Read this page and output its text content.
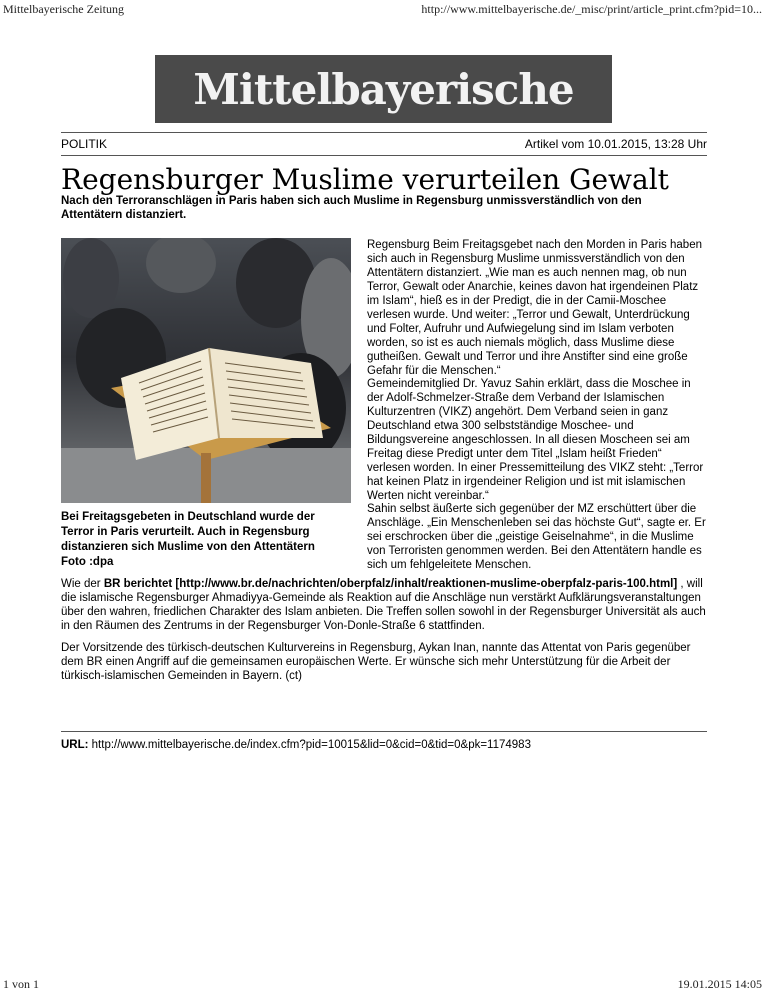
Mittelbayerische Zeitung	http://www.mittelbayerische.de/_misc/print/article_print.cfm?pid=10...
Mittelbayerische
POLITIK	Artikel vom 10.01.2015, 13:28 Uhr
Regensburger Muslime verurteilen Gewalt

Nach den Terroranschlägen in Paris haben sich auch Muslime in Regensburg unmissverständlich von den Attentätern distanziert.

Bei Freitagsgebeten in Deutschland wurde der Terror in Paris verurteilt. Auch in Regensburg distanzieren sich Muslime von den Attentätern Foto :dpa

Regensburg Beim Freitagsgebet nach den Morden in Paris haben sich auch in Regensburg Muslime unmissverständlich von den Attentätern distanziert. „Wie man es auch nennen mag, ob nun Terror, Gewalt oder Anarchie, keines davon hat irgendeinen Platz im Islam“, hieß es in der Predigt, die in der Camii-Moschee verlesen wurde. Und weiter: „Terror und Gewalt, Unterdrückung und Folter, Aufruhr und Aufwiegelung sind im Islam verboten worden, so ist es auch niemals möglich, dass Muslime diese gutheißen. Gewalt und Terror und ihre Anstifter sind eine große Gefahr für die Menschen.“

Gemeindemitglied Dr. Yavuz Sahin erklärt, dass die Moschee in der Adolf-Schmelzer-Straße dem Verband der Islamischen Kulturzentren (VIKZ) angehört. Dem Verband seien in ganz Deutschland etwa 300 selbstständige Moschee- und Bildungsvereine angeschlossen. In all diesen Moscheen sei am Freitag diese Predigt unter dem Titel „Islam heißt Frieden“ verlesen worden. In einer Pressemitteilung des VIKZ steht: „Terror hat keinen Platz in irgendeiner Religion und ist mit islamischen Werten nicht vereinbar.“

Sahin selbst äußerte sich gegenüber der MZ erschüttert über die Anschläge. „Ein Menschenleben sei das höchste Gut“, sagte er. Er sei erschrocken über die „geistige Geiselnahme“, in die Muslime von Terroristen genommen werden. Bei den Attentätern handle es sich um fehlgeleitete Menschen.

Wie der BR berichtet [http://www.br.de/nachrichten/oberpfalz/inhalt/reaktionen-muslime-oberpfalz-paris-100.html] , will die islamische Regensburger Ahmadiyya-Gemeinde als Reaktion auf die Anschläge nun verstärkt Aufklärungsveranstaltungen über den wahren, friedlichen Charakter des Islam anbieten. Die Treffen sollen sowohl in der Regensburger Universität als auch in den Räumen des Zentrums in der Regensburger Von-Donle-Straße 6 stattfinden.

Der Vorsitzende des türkisch-deutschen Kulturvereins in Regensburg, Aykan Inan, nannte das Attentat von Paris gegenüber dem BR einen Angriff auf die gemeinsamen europäischen Werte. Er wünsche sich mehr Unterstützung für die Arbeit der türkisch-islamischen Gemeinden in Bayern. (ct)

URL: http://www.mittelbayerische.de/index.cfm?pid=10015&lid=0&cid=0&tid=0&pk=1174983
1 von 1	19.01.2015 14:05
